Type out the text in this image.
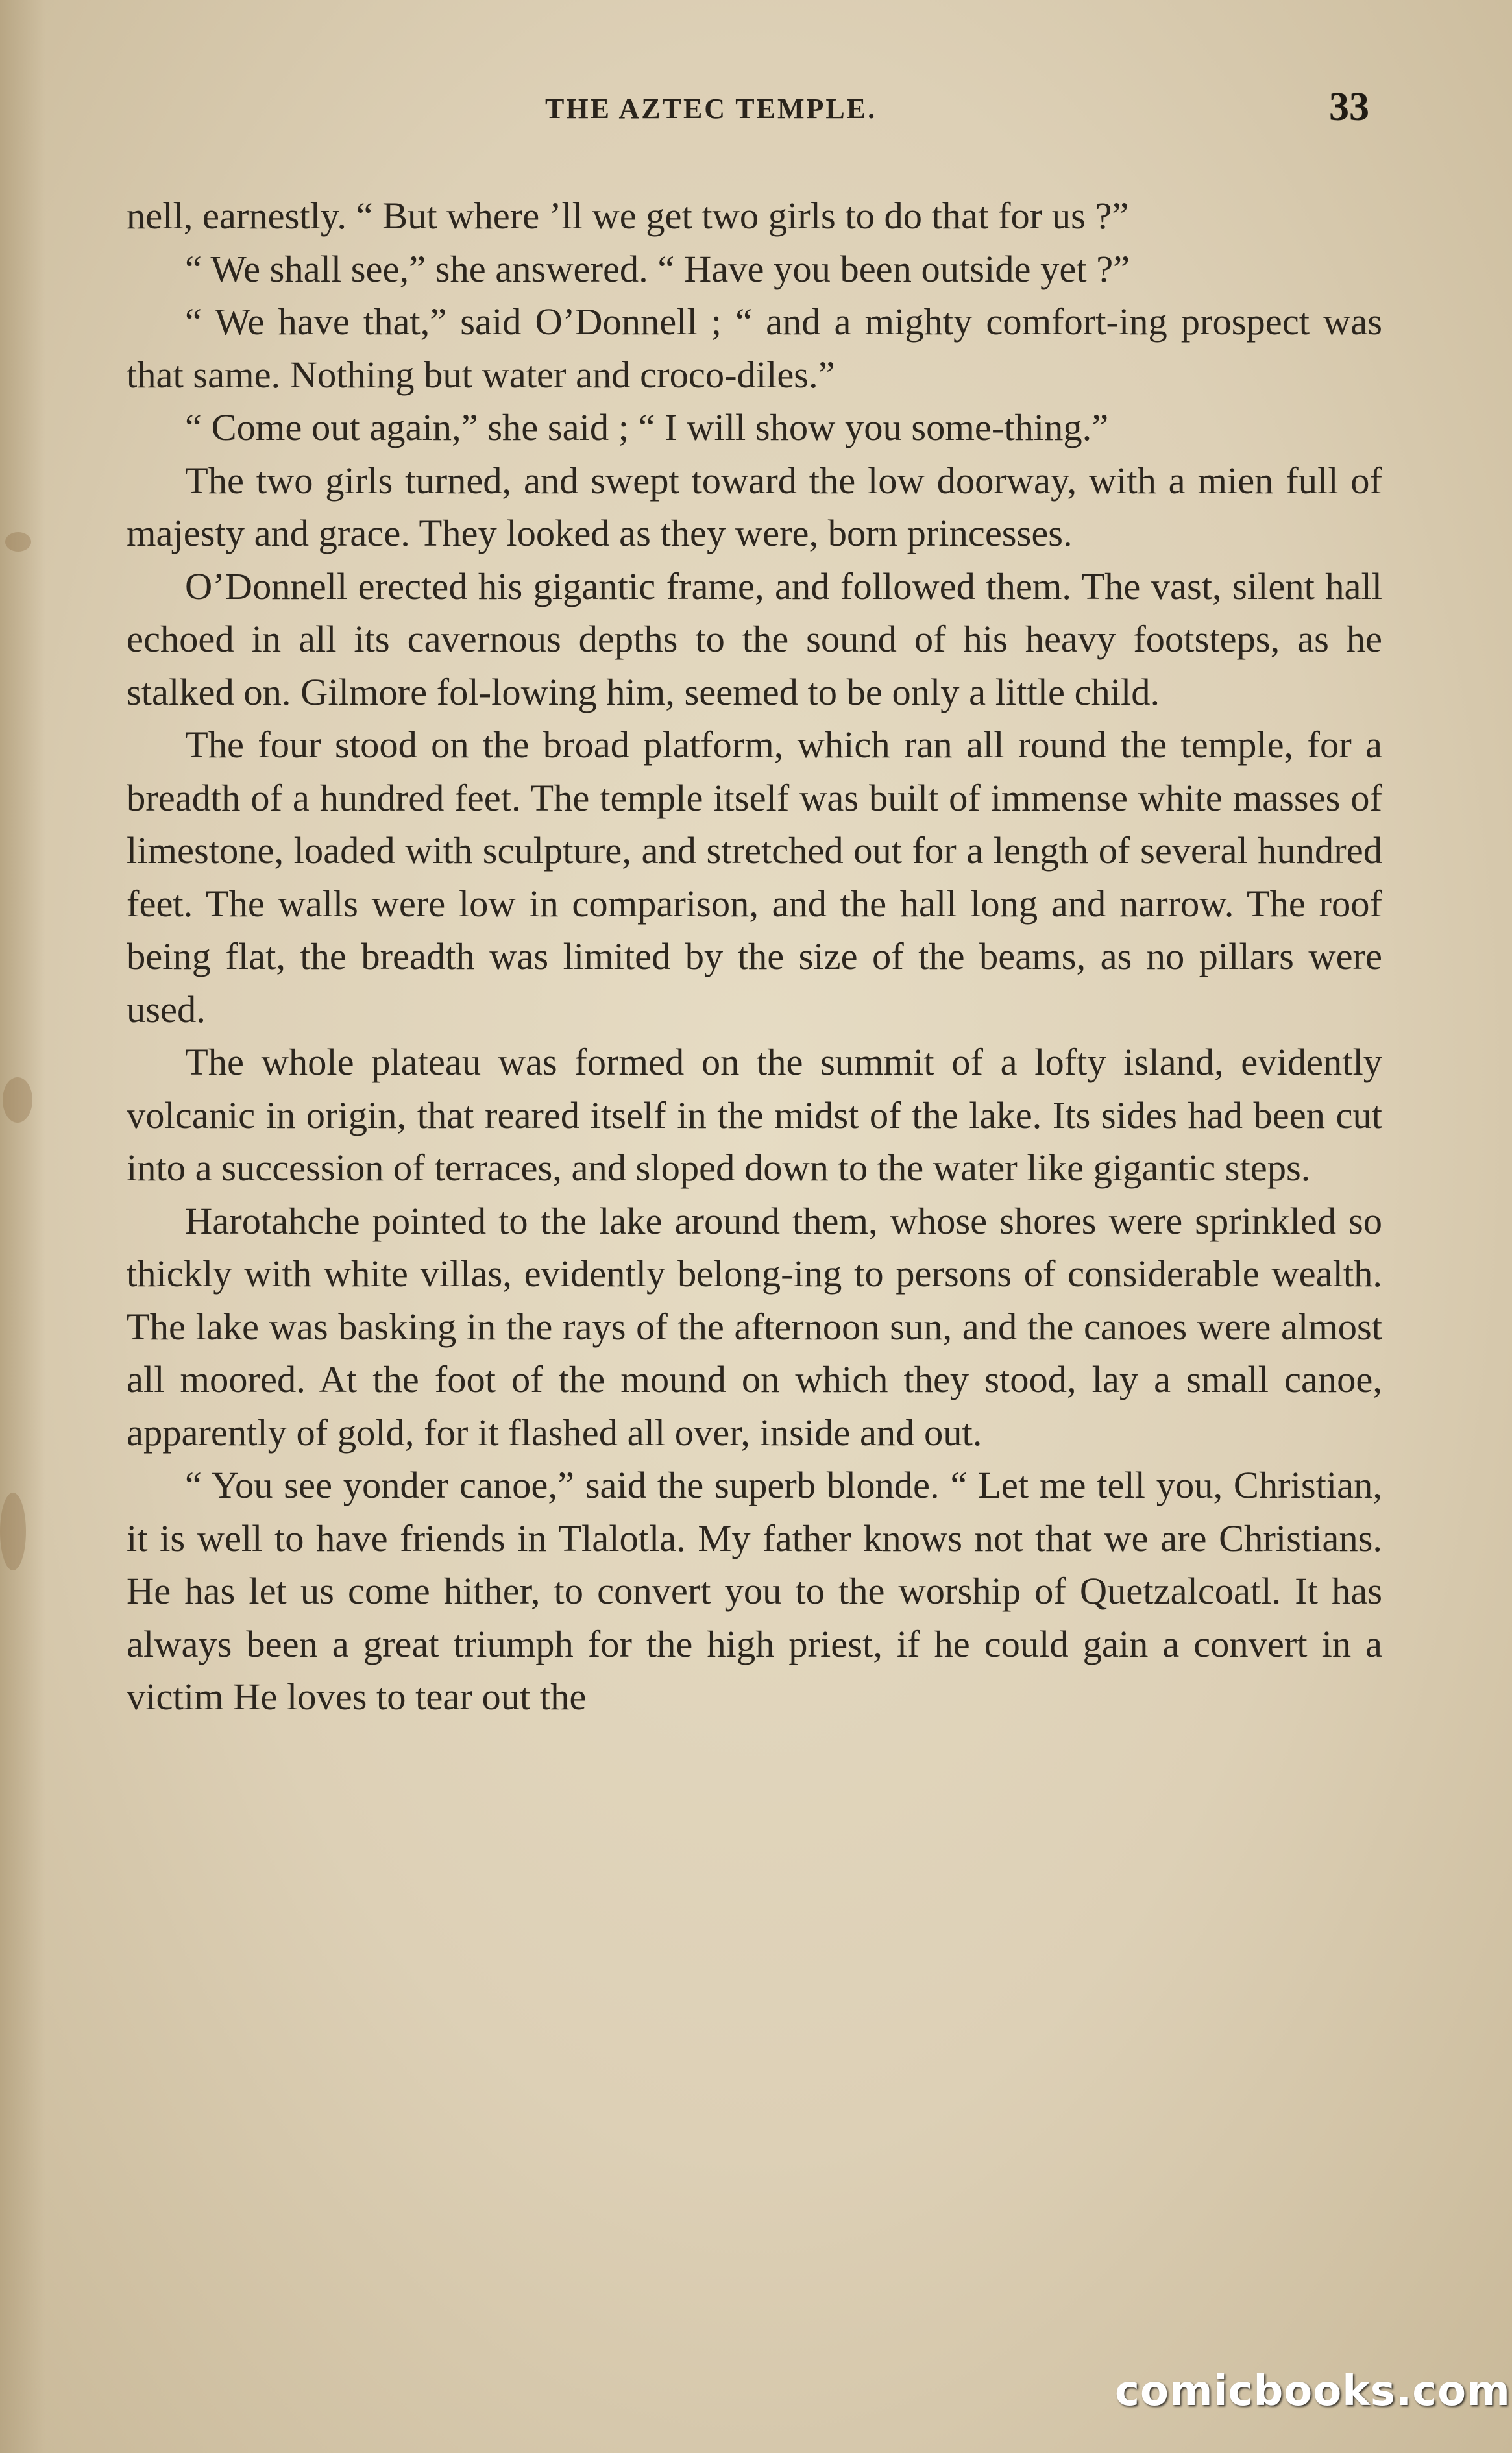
THE AZTEC TEMPLE.	33

nell, earnestly. “ But where ’ll we get two girls to do that for us ?”

“ We shall see,” she answered. “ Have you been outside yet ?”

“ We have that,” said O’Donnell ; “ and a mighty comfort-ing prospect was that same. Nothing but water and croco-diles.”

“ Come out again,” she said ; “ I will show you some-thing.”

The two girls turned, and swept toward the low doorway, with a mien full of majesty and grace. They looked as they were, born princesses.

O’Donnell erected his gigantic frame, and followed them. The vast, silent hall echoed in all its cavernous depths to the sound of his heavy footsteps, as he stalked on. Gilmore fol-lowing him, seemed to be only a little child.

The four stood on the broad platform, which ran all round the temple, for a breadth of a hundred feet. The temple itself was built of immense white masses of limestone, loaded with sculpture, and stretched out for a length of several hundred feet. The walls were low in comparison, and the hall long and narrow. The roof being flat, the breadth was limited by the size of the beams, as no pillars were used.

The whole plateau was formed on the summit of a lofty island, evidently volcanic in origin, that reared itself in the midst of the lake. Its sides had been cut into a succession of terraces, and sloped down to the water like gigantic steps.

Harotahche pointed to the lake around them, whose shores were sprinkled so thickly with white villas, evidently belong-ing to persons of considerable wealth. The lake was basking in the rays of the afternoon sun, and the canoes were almost all moored. At the foot of the mound on which they stood, lay a small canoe, apparently of gold, for it flashed all over, inside and out.

“ You see yonder canoe,” said the superb blonde. “ Let me tell you, Christian, it is well to have friends in Tlalotla. My father knows not that we are Christians. He has let us come hither, to convert you to the worship of Quetzalcoatl. It has always been a great triumph for the high priest, if he could gain a convert in a victim He loves to tear out the

comicbooks.com
